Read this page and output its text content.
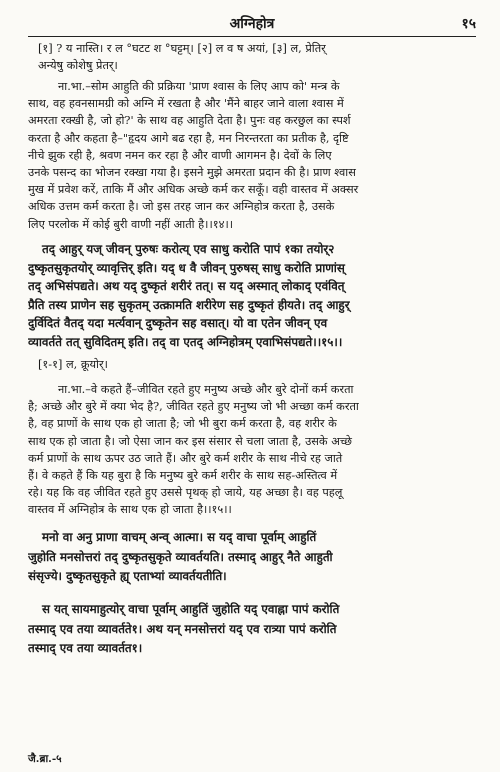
अग्निहोत्र	१५
[१] ? य नास्ति। र ल °घटट श °घट्टम्। [२] ल व ष अयां, [३] ल, प्रेतिर्
अन्येषु कोशेषु प्रेतर्।
ना.भा.–सोम आहुति की प्रक्रिया 'प्राण श्वास के लिए आप को' मन्त्र के
साथ, वह हवनसामग्री को अग्नि में रखता है और 'मैंने बाहर जाने वाला श्वास में
अमरता रक्खी है, जो हो?' के साथ वह आहुति देता है। पुनः वह करछुल का स्पर्श
करता है और कहता है–"हृदय आगे बढ रहा है, मन निरन्तरता का प्रतीक है, दृष्टि
नीचे झुक रही है, श्रवण नमन कर रहा है और वाणी आगमन है। देवों के लिए
उनके पसन्द का भोजन रक्खा गया है। इसने मुझे अमरता प्रदान की है। प्राण श्वास
मुख में प्रवेश करें, ताकि मैं और अधिक अच्छे कर्म कर सकूँ। वही वास्तव में अक्सर
अधिक उत्तम कर्म करता है। जो इस तरह जान कर अग्निहोत्र करता है, उसके
लिए परलोक में कोई बुरी वाणी नहीं आती है।।१४।।
तद् आहुर् यज् जीवन् पुरुषः करोत्य् एव साधु करोति पापं १का तयोर्२
दुष्कृतसुकृतयोर् व्यावृत्तिर् इति। यद् ध वै जीवन् पुरुषस् साधु करोति प्राणांस्
तद् अभिसंपद्यते। अथ यद् दुष्कृतं शरीरं तत्। स यद् अस्मात् लोकाद् एवंवित्
प्रैति तस्य प्राणेन सह सुकृतम् उत्क्रामति शरीरेण सह दुष्कृतं हीयते। तद् आहुर्
दुर्विदितं वैतद् यदा मर्त्यवान् दुष्कृतेन सह वसात्। यो वा एतेन जीवन् एव
व्यावर्तते तत् सुविदितम् इति। तद् वा एतद् अग्निहोत्रम् एवाभिसंपद्यते।।१५।।
[१-१] ल, क्रूयोर्।
ना.भा.–वे कहते हैं–जीवित रहते हुए मनुष्य अच्छे और बुरे दोनों कर्म करता
है; अच्छे और बुरे में क्या भेद है?, जीवित रहते हुए मनुष्य जो भी अच्छा कर्म करता
है, वह प्राणों के साथ एक हो जाता है; जो भी बुरा कर्म करता है, वह शरीर के
साथ एक हो जाता है। जो ऐसा जान कर इस संसार से चला जाता है, उसके अच्छे
कर्म प्राणों के साथ ऊपर उठ जाते हैं। और बुरे कर्म शरीर के साथ नीचे रह जाते
हैं। वे कहते हैं कि यह बुरा है कि मनुष्य बुरे कर्म शरीर के साथ सह-अस्तित्व में
रहे। यह कि वह जीवित रहते हुए उससे पृथक् हो जाये, यह अच्छा है। वह पहलू
वास्तव में अग्निहोत्र के साथ एक हो जाता है।।१५।।
मनो वा अनु प्राणा वाचम् अन्व् आत्मा। स यद् वाचा पूर्वाम् आहुतिं
जुहोति मनसोत्तरां तद् दुष्कृतसुकृते व्यावर्तयति। तस्माद् आहुर् नैते आहुती
संसृज्ये। दुष्कृतसुकृते ह्य् एताभ्यां व्यावर्तयतीति।
स यत् सायमाहुत्योर् वाचा पूर्वाम् आहुतिं जुहोति यद् एवाह्ना पापं करोति
तस्माद् एव तया व्यावर्तते१। अथ यन् मनसोत्तरां यद् एव रात्र्या पापं करोति
तस्माद् एव तया व्यावर्तत१।
जै.ब्रा.-५
